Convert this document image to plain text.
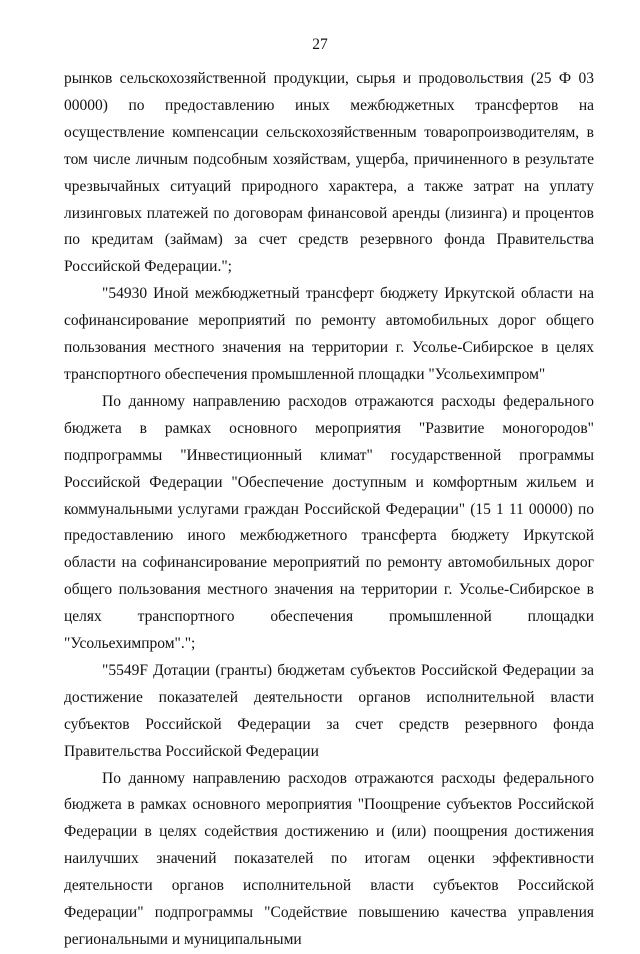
27

рынков сельскохозяйственной продукции, сырья и продовольствия (25 Ф 03 00000) по предоставлению иных межбюджетных трансфертов на осуществление компенсации сельскохозяйственным товаропроизводителям, в том числе личным подсобным хозяйствам, ущерба, причиненного в результате чрезвычайных ситуаций природного характера, а также затрат на уплату лизинговых платежей по договорам финансовой аренды (лизинга) и процентов по кредитам (займам) за счет средств резервного фонда Правительства Российской Федерации.";

"54930 Иной межбюджетный трансферт бюджету Иркутской области на софинансирование мероприятий по ремонту автомобильных дорог общего пользования местного значения на территории г. Усолье-Сибирское в целях транспортного обеспечения промышленной площадки "Усольехимпром"

По данному направлению расходов отражаются расходы федерального бюджета в рамках основного мероприятия "Развитие моногородов" подпрограммы "Инвестиционный климат" государственной программы Российской Федерации "Обеспечение доступным и комфортным жильем и коммунальными услугами граждан Российской Федерации" (15 1 11 00000) по предоставлению иного межбюджетного трансферта бюджету Иркутской области на софинансирование мероприятий по ремонту автомобильных дорог общего пользования местного значения на территории г. Усолье-Сибирское в целях транспортного обеспечения промышленной площадки "Усольехимпром".";

"5549F Дотации (гранты) бюджетам субъектов Российской Федерации за достижение показателей деятельности органов исполнительной власти субъектов Российской Федерации за счет средств резервного фонда Правительства Российской Федерации

По данному направлению расходов отражаются расходы федерального бюджета в рамках основного мероприятия "Поощрение субъектов Российской Федерации в целях содействия достижению и (или) поощрения достижения наилучших значений показателей по итогам оценки эффективности деятельности органов исполнительной власти субъектов Российской Федерации" подпрограммы "Содействие повышению качества управления региональными и муниципальными
